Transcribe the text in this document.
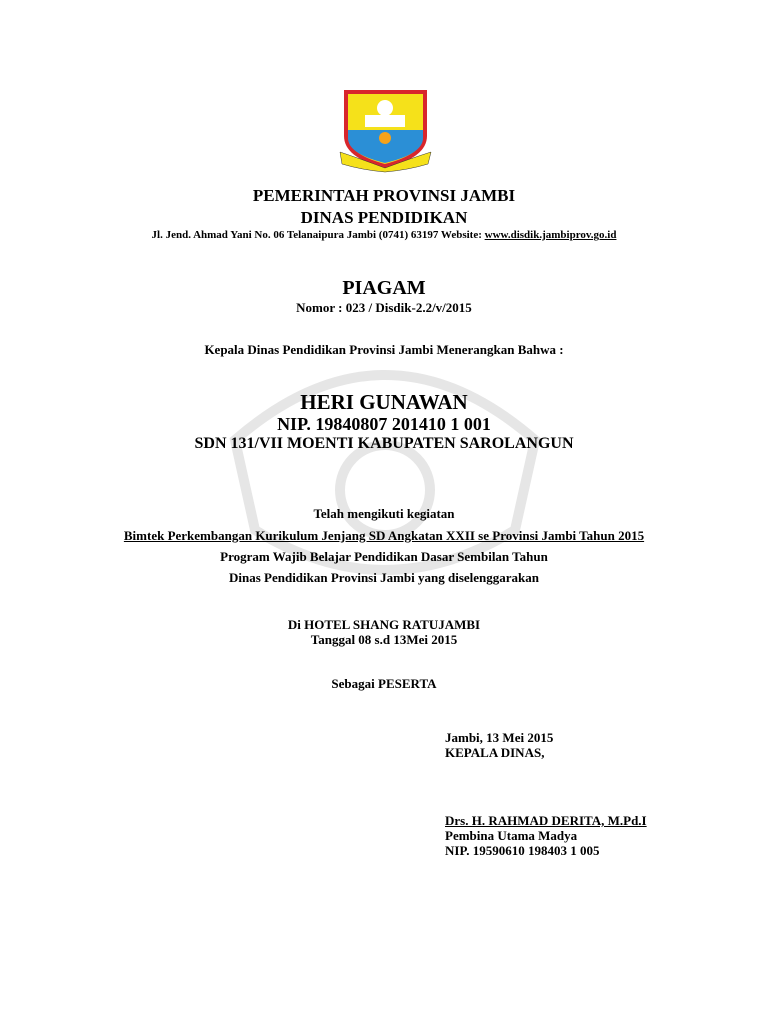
PEMERINTAH PROVINSI JAMBI
DINAS PENDIDIKAN
Jl. Jend. Ahmad Yani No. 06 Telanaipura Jambi (0741) 63197 Website: www.disdik.jambiprov.go.id
PIAGAM
Nomor : 023 / Disdik-2.2/v/2015
Kepala Dinas Pendidikan Provinsi Jambi Menerangkan Bahwa :
HERI GUNAWAN
NIP. 19840807 201410 1 001
SDN 131/VII MOENTI KABUPATEN SAROLANGUN
Telah mengikuti kegiatan
Bimtek Perkembangan Kurikulum Jenjang SD Angkatan XXII se Provinsi Jambi Tahun 2015
Program Wajib Belajar Pendidikan Dasar Sembilan Tahun
Dinas Pendidikan Provinsi Jambi yang diselenggarakan
Di HOTEL SHANG RATUJAMBI
Tanggal 08 s.d 13Mei 2015
Sebagai PESERTA
Jambi, 13 Mei 2015
KEPALA DINAS,
Drs. H. RAHMAD DERITA, M.Pd.I
Pembina Utama Madya
NIP. 19590610 198403 1 005
